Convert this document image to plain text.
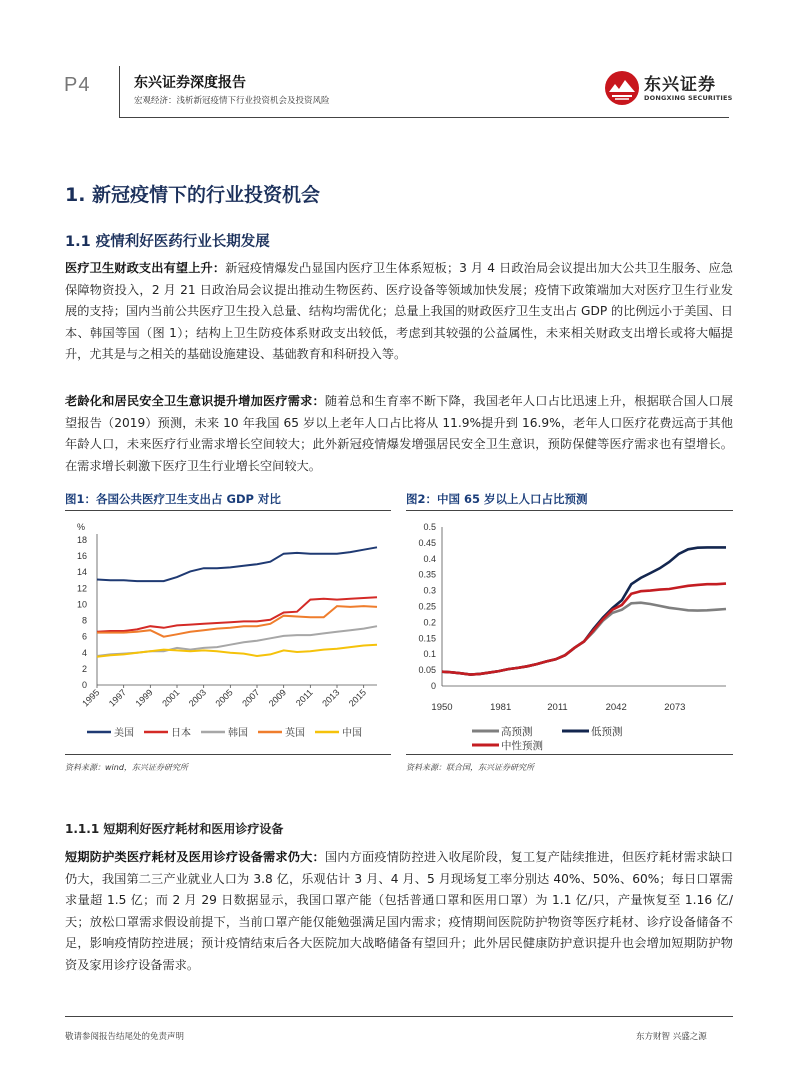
P4	东兴证券深度报告
宏观经济：浅析新冠疫情下行业投资机会及投资风险
东兴证券
DONGXING SECURITIES
1. 新冠疫情下的行业投资机会
1.1 疫情利好医药行业长期发展
医疗卫生财政支出有望上升：新冠疫情爆发凸显国内医疗卫生体系短板；3 月 4 日政治局会议提出加大公共卫生服务、应急保障物资投入，2 月 21 日政治局会议提出推动生物医药、医疗设备等领域加快发展；疫情下政策端加大对医疗卫生行业发展的支持；国内当前公共医疗卫生投入总量、结构均需优化；总量上我国的财政医疗卫生支出占 GDP 的比例远小于美国、日本、韩国等国（图 1）；结构上卫生防疫体系财政支出较低，考虑到其较强的公益属性，未来相关财政支出增长或将大幅提升，尤其是与之相关的基础设施建设、基础教育和科研投入等。
老龄化和居民安全卫生意识提升增加医疗需求：随着总和生育率不断下降，我国老年人口占比迅速上升，根据联合国人口展望报告（2019）预测，未来 10 年我国 65 岁以上老年人口占比将从 11.9%提升到 16.9%，老年人口医疗花费远高于其他年龄人口，未来医疗行业需求增长空间较大；此外新冠疫情爆发增强居民安全卫生意识，预防保健等医疗需求也有望增长。在需求增长刺激下医疗卫生行业增长空间较大。
图1：各国公共医疗卫生支出占 GDP 对比
%
0
2
4
6
8
10
12
14
16
18
1995 1997 1999 2001 2003 2005 2007 2009 2011 2013 2015
美国	日本	韩国	英国	中国
资料来源：wind，东兴证券研究所
图2：中国 65 岁以上人口占比预测
0
0.05
0.1
0.15
0.2
0.25
0.3
0.35
0.4
0.45
0.5
1950	1981	2011	2042	2073
高预测	低预测
中性预测
资料来源：联合国，东兴证券研究所
1.1.1 短期利好医疗耗材和医用诊疗设备
短期防护类医疗耗材及医用诊疗设备需求仍大：国内方面疫情防控进入收尾阶段，复工复产陆续推进，但医疗耗材需求缺口仍大，我国第二三产业就业人口为 3.8 亿，乐观估计 3 月、4 月、5 月现场复工率分别达 40%、50%、60%；每日口罩需求量超 1.5 亿；而 2 月 29 日数据显示，我国口罩产能（包括普通口罩和医用口罩）为 1.1 亿/只，产量恢复至 1.16 亿/天；放松口罩需求假设前提下，当前口罩产能仅能勉强满足国内需求；疫情期间医院防护物资等医疗耗材、诊疗设备储备不足，影响疫情防控进展；预计疫情结束后各大医院加大战略储备有望回升；此外居民健康防护意识提升也会增加短期防护物资及家用诊疗设备需求。
敬请参阅报告结尾处的免责声明	东方财智 兴盛之源
